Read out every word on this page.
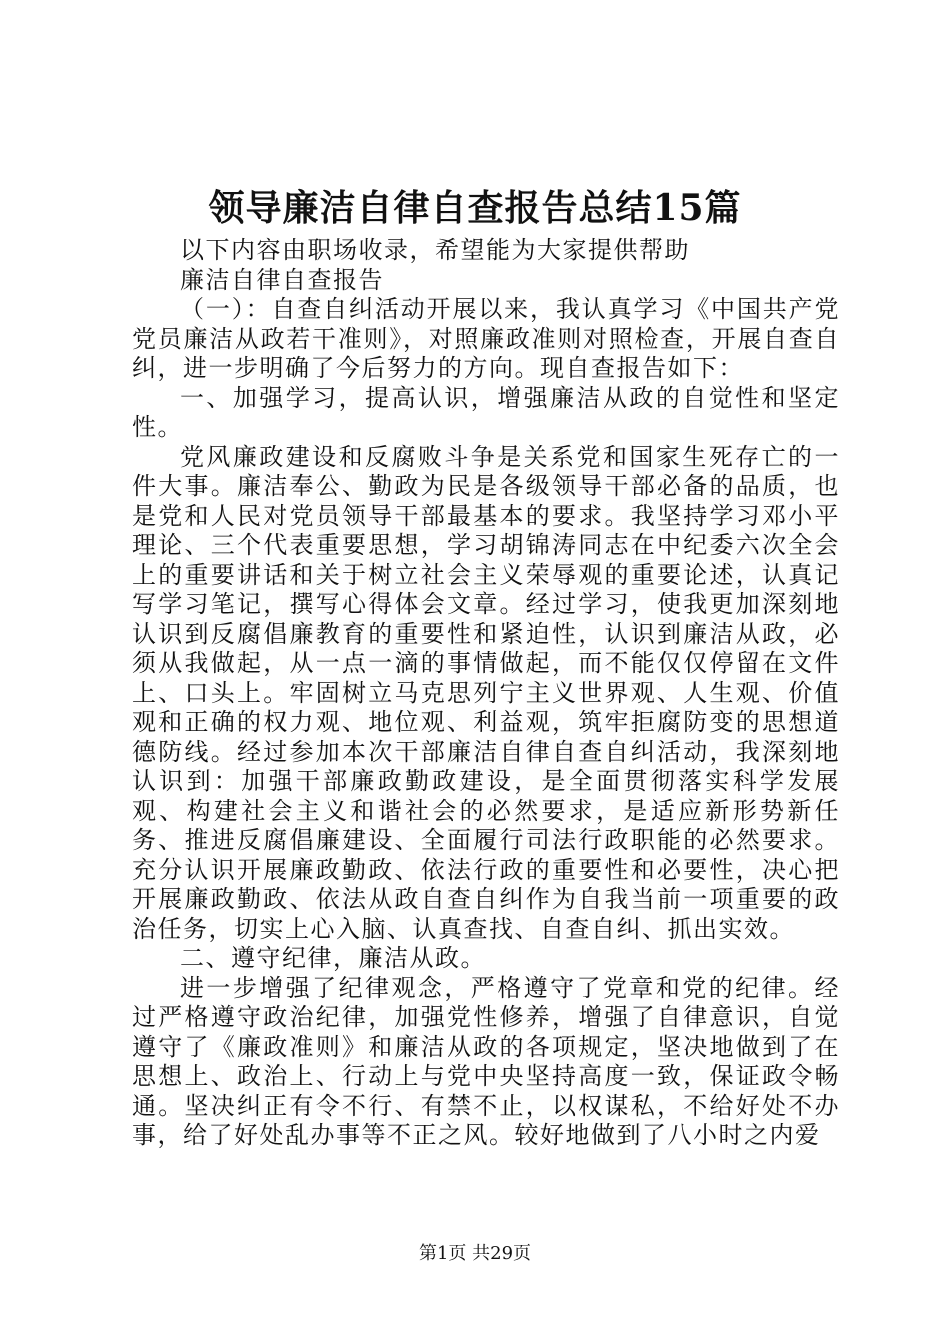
领导廉洁自律自查报告总结15篇

以下内容由职场收录，希望能为大家提供帮助

廉洁自律自查报告

（一）：自查自纠活动开展以来，我认真学习《中国共产党党员廉洁从政若干准则》，对照廉政准则对照检查，开展自查自纠，进一步明确了今后努力的方向。现自查报告如下：

一、加强学习，提高认识，增强廉洁从政的自觉性和坚定性。

党风廉政建设和反腐败斗争是关系党和国家生死存亡的一件大事。廉洁奉公、勤政为民是各级领导干部必备的品质，也是党和人民对党员领导干部最基本的要求。我坚持学习邓小平理论、三个代表重要思想，学习胡锦涛同志在中纪委六次全会上的重要讲话和关于树立社会主义荣辱观的重要论述，认真记写学习笔记，撰写心得体会文章。经过学习，使我更加深刻地认识到反腐倡廉教育的重要性和紧迫性，认识到廉洁从政，必须从我做起，从一点一滴的事情做起，而不能仅仅停留在文件上、口头上。牢固树立马克思列宁主义世界观、人生观、价值观和正确的权力观、地位观、利益观，筑牢拒腐防变的思想道德防线。经过参加本次干部廉洁自律自查自纠活动，我深刻地认识到：加强干部廉政勤政建设，是全面贯彻落实科学发展观、构建社会主义和谐社会的必然要求，是适应新形势新任务、推进反腐倡廉建设、全面履行司法行政职能的必然要求。充分认识开展廉政勤政、依法行政的重要性和必要性，决心把开展廉政勤政、依法从政自查自纠作为自我当前一项重要的政治任务，切实上心入脑、认真查找、自查自纠、抓出实效。

二、遵守纪律，廉洁从政。

进一步增强了纪律观念，严格遵守了党章和党的纪律。经过严格遵守政治纪律，加强党性修养，增强了自律意识，自觉遵守了《廉政准则》和廉洁从政的各项规定，坚决地做到了在思想上、政治上、行动上与党中央坚持高度一致，保证政令畅通。坚决纠正有令不行、有禁不止，以权谋私，不给好处不办事，给了好处乱办事等不正之风。较好地做到了八小时之内爱

第1页 共29页
